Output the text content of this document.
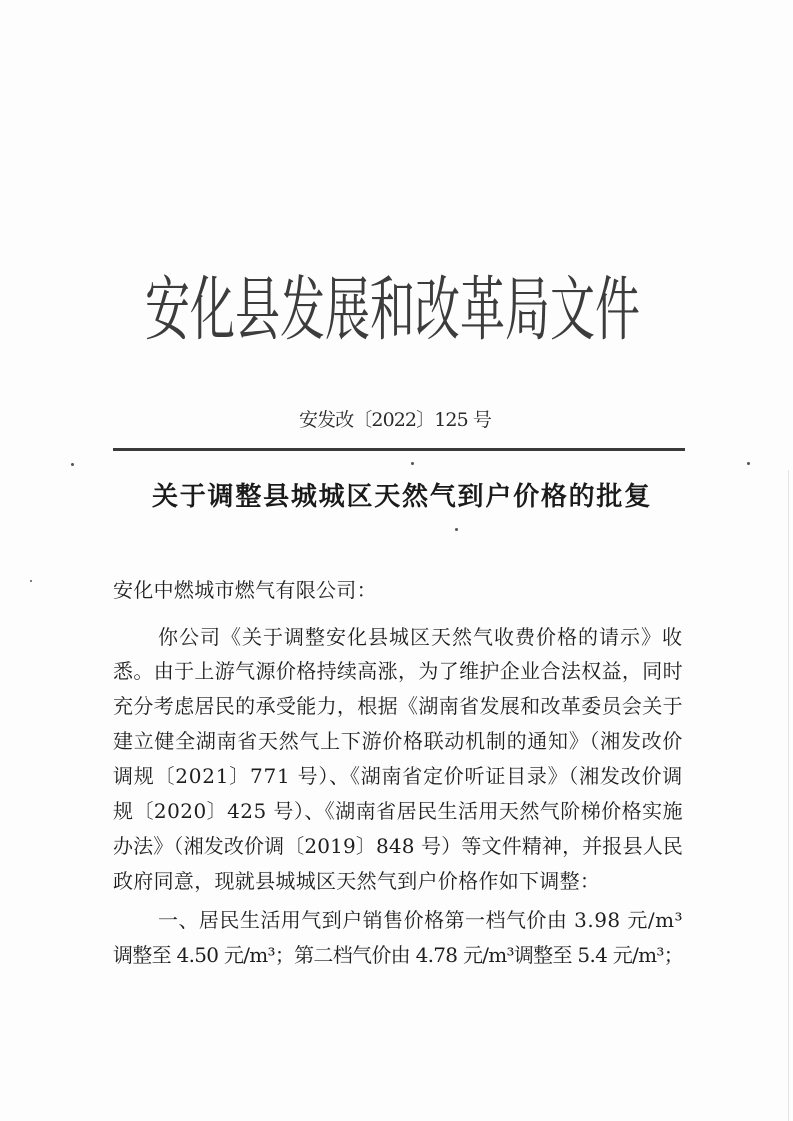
安化县发展和改革局文件
安发改〔2022〕125 号
关于调整县城城区天然气到户价格的批复
安化中燃城市燃气有限公司：
你公司《关于调整安化县城区天然气收费价格的请示》收
悉。由于上游气源价格持续高涨，为了维护企业合法权益，同时
充分考虑居民的承受能力，根据《湖南省发展和改革委员会关于
建立健全湖南省天然气上下游价格联动机制的通知》（湘发改价
调规〔2021〕771 号）、《湖南省定价听证目录》（湘发改价调
规〔2020〕425 号）、《湖南省居民生活用天然气阶梯价格实施
办法》（湘发改价调〔2019〕848 号）等文件精神，并报县人民
政府同意，现就县城城区天然气到户价格作如下调整：
一、居民生活用气到户销售价格第一档气价由 3.98 元/m³
调整至 4.50 元/m³；第二档气价由 4.78 元/m³调整至 5.4 元/m³；
